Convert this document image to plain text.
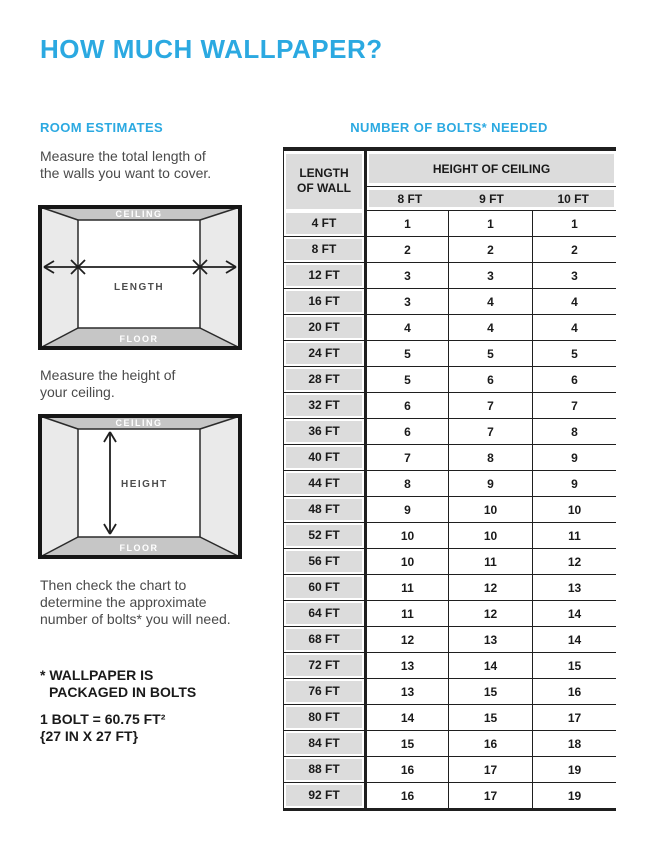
HOW MUCH WALLPAPER?
ROOM ESTIMATES
Measure the total length of
the walls you want to cover.
CEILING
FLOOR
LENGTH
Measure the height of
your ceiling.
CEILING
FLOOR
HEIGHT
Then check the chart to
determine the approximate
number of bolts* you will need.
* WALLPAPER IS
PACKAGED IN BOLTS
1 BOLT = 60.75 FT²
{27 IN X 27 FT}
NUMBER OF BOLTS* NEEDED
LENGTH
OF WALL	HEIGHT OF CEILING		

	8 FT 9 FT 10 FT		

4 FT	1	1	1

8 FT	2	2	2

12 FT	3	3	3

16 FT	3	4	4

20 FT	4	4	4

24 FT	5	5	5

28 FT	5	6	6

32 FT	6	7	7

36 FT	6	7	8

40 FT	7	8	9

44 FT	8	9	9

48 FT	9	10	10

52 FT	10	10	11

56 FT	10	11	12

60 FT	11	12	13

64 FT	11	12	14

68 FT	12	13	14

72 FT	13	14	15

76 FT	13	15	16

80 FT	14	15	17

84 FT	15	16	18

88 FT	16	17	19

92 FT	16	17	19
